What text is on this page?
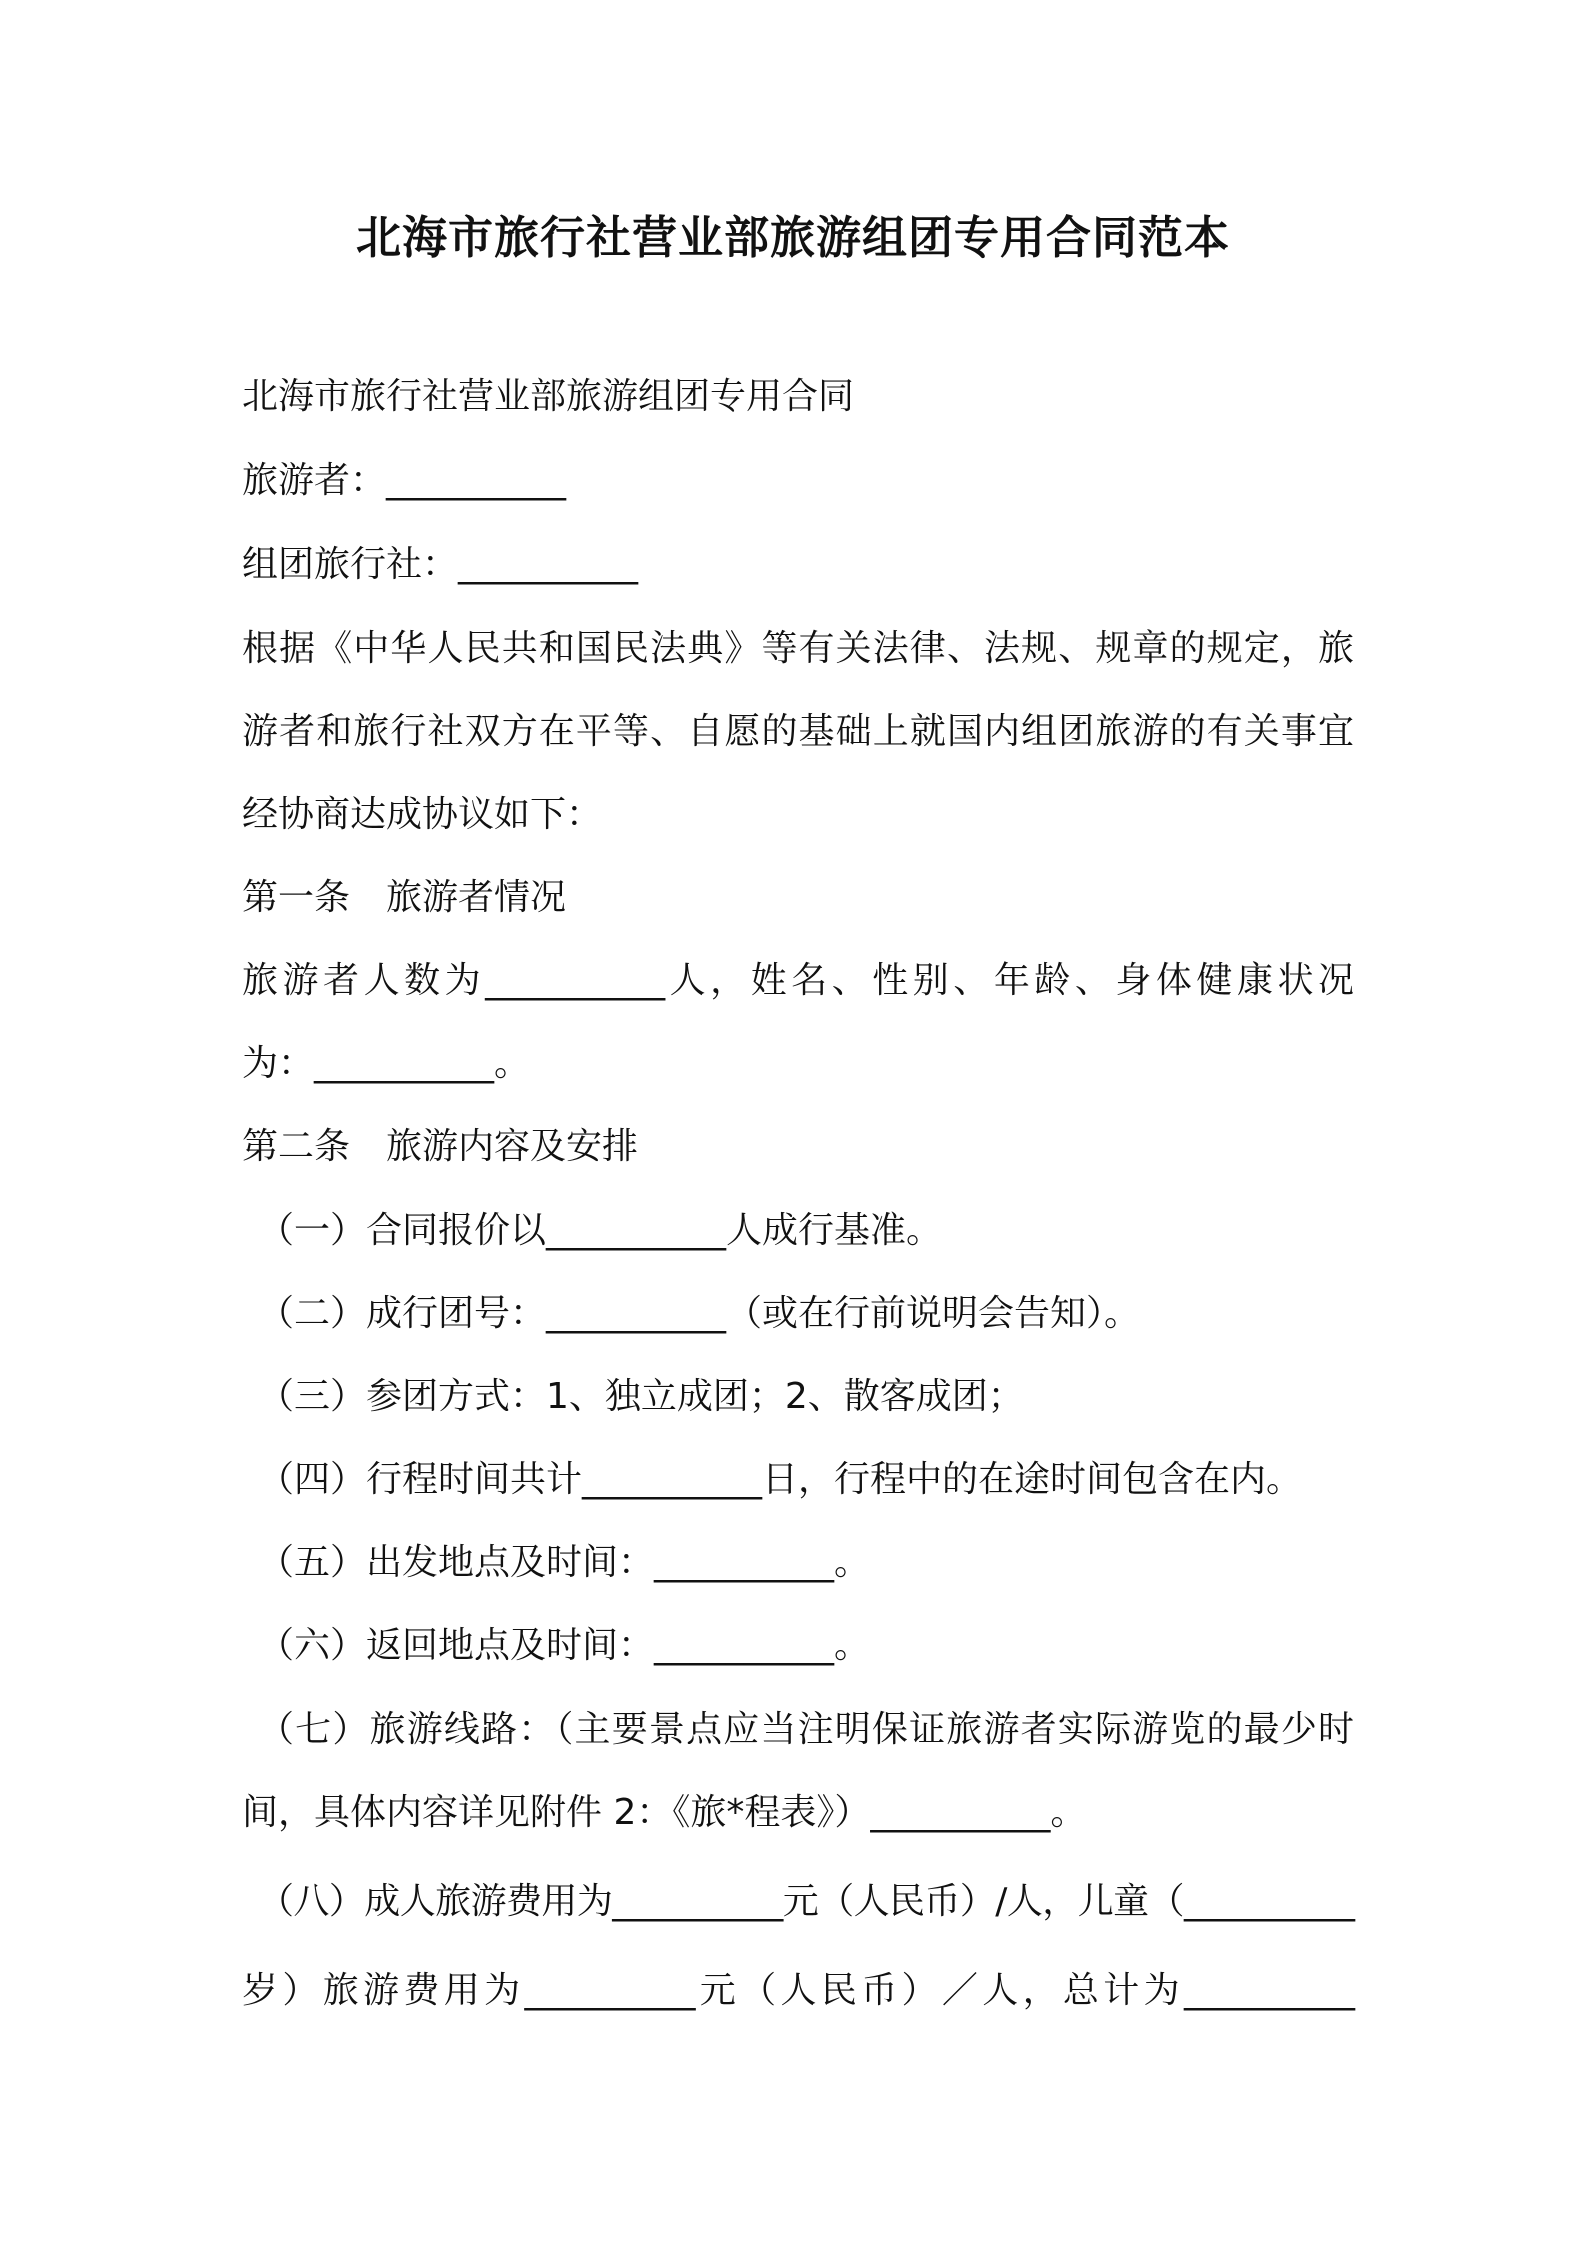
北海市旅行社营业部旅游组团专用合同范本
北海市旅行社营业部旅游组团专用合同
旅游者：__________
组团旅行社：__________
根据《中华人民共和国民法典》等有关法律、法规、规章的规定，旅
游者和旅行社双方在平等、自愿的基础上就国内组团旅游的有关事宜
经协商达成协议如下：
第一条　旅游者情况
旅游者人数为__________人，姓名、性别、年龄、身体健康状况
为：__________。
第二条　旅游内容及安排
（一）合同报价以__________人成行基准。
（二）成行团号：__________（或在行前说明会告知）。
（三）参团方式：1、独立成团；2、散客成团；
（四）行程时间共计__________日，行程中的在途时间包含在内。
（五）出发地点及时间：__________。
（六）返回地点及时间：__________。
（七）旅游线路：（主要景点应当注明保证旅游者实际游览的最少时
间，具体内容详见附件 2：《旅*程表》）__________。
（八）成人旅游费用为__________元（人民币）/人，儿童（__________
岁）旅游费用为__________元（人民币）／人，总计为__________
